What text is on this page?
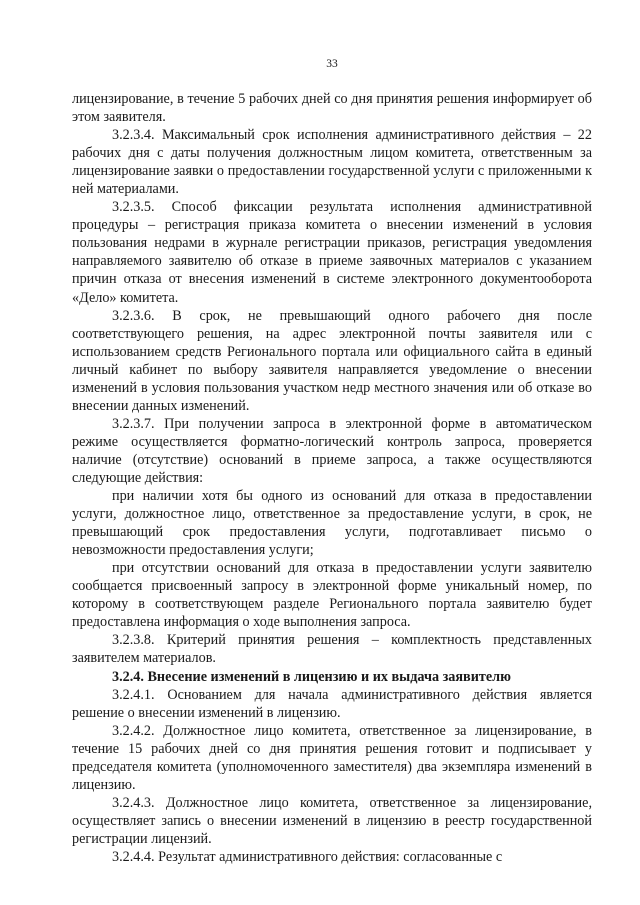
33

лицензирование, в течение 5 рабочих дней со дня принятия решения информирует об этом заявителя.

3.2.3.4. Максимальный срок исполнения административного действия – 22 рабочих дня с даты получения должностным лицом комитета, ответственным за лицензирование заявки о предоставлении государственной услуги с приложенными к ней материалами.

3.2.3.5. Способ фиксации результата исполнения административной процедуры – регистрация приказа комитета о внесении изменений в условия пользования недрами в журнале регистрации приказов, регистрация уведомления направляемого заявителю об отказе в приеме заявочных материалов с указанием причин отказа от внесения изменений в системе электронного документооборота «Дело» комитета.

3.2.3.6. В срок, не превышающий одного рабочего дня после соответствующего решения, на адрес электронной почты заявителя или с использованием средств Регионального портала или официального сайта в единый личный кабинет по выбору заявителя направляется уведомление о внесении изменений в условия пользования участком недр местного значения или об отказе во внесении данных изменений.

3.2.3.7. При получении запроса в электронной форме в автоматическом режиме осуществляется форматно-логический контроль запроса, проверяется наличие (отсутствие) оснований в приеме запроса, а также осуществляются следующие действия:

при наличии хотя бы одного из оснований для отказа в предоставлении услуги, должностное лицо, ответственное за предоставление услуги, в срок, не превышающий срок предоставления услуги, подготавливает письмо о невозможности предоставления услуги;

при отсутствии оснований для отказа в предоставлении услуги заявителю сообщается присвоенный запросу в электронной форме уникальный номер, по которому в соответствующем разделе Регионального портала заявителю будет предоставлена информация о ходе выполнения запроса.

3.2.3.8. Критерий принятия решения – комплектность представленных заявителем материалов.

3.2.4. Внесение изменений в лицензию и их выдача заявителю

3.2.4.1. Основанием для начала административного действия является решение о внесении изменений в лицензию.

3.2.4.2. Должностное лицо комитета, ответственное за лицензирование, в течение 15 рабочих дней со дня принятия решения готовит и подписывает у председателя комитета (уполномоченного заместителя) два экземпляра изменений в лицензию.

3.2.4.3. Должностное лицо комитета, ответственное за лицензирование, осуществляет запись о внесении изменений в лицензию в реестр государственной регистрации лицензий.

3.2.4.4. Результат административного действия: согласованные с
